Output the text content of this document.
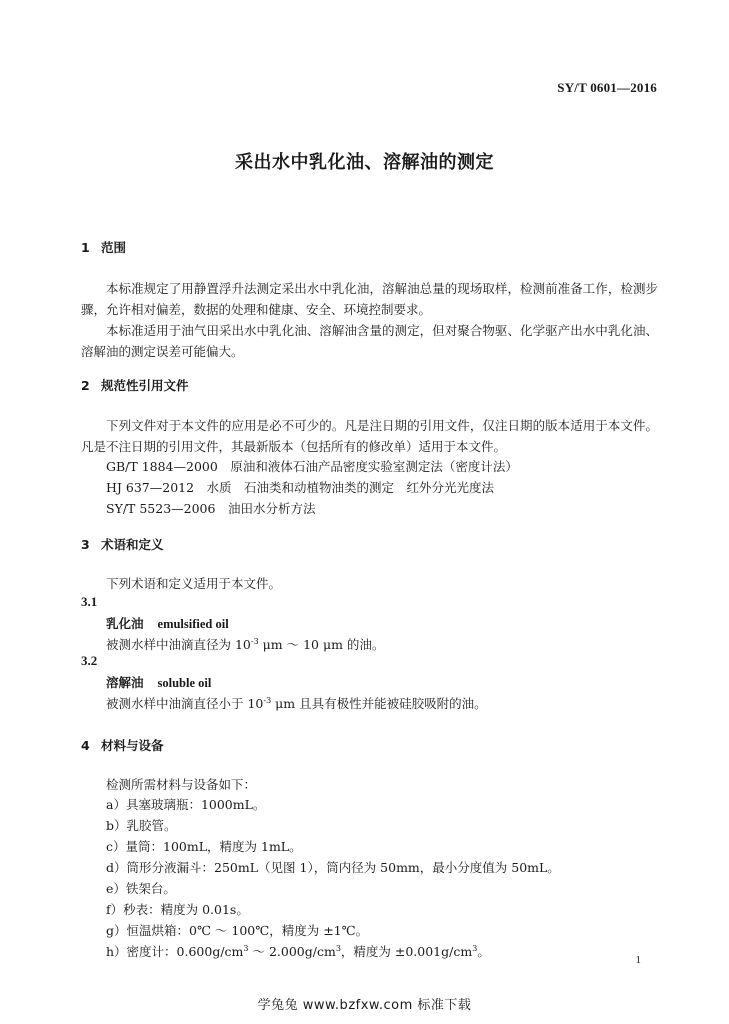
SY/T 0601—2016
采出水中乳化油、溶解油的测定
1 范围
本标准规定了用静置浮升法测定采出水中乳化油，溶解油总量的现场取样，检测前准备工作，检测步骤，允许相对偏差，数据的处理和健康、安全、环境控制要求。
本标准适用于油气田采出水中乳化油、溶解油含量的测定，但对聚合物驱、化学驱产出水中乳化油、溶解油的测定误差可能偏大。
2 规范性引用文件
下列文件对于本文件的应用是必不可少的。凡是注日期的引用文件，仅注日期的版本适用于本文件。凡是不注日期的引用文件，其最新版本（包括所有的修改单）适用于本文件。
GB/T 1884—2000　原油和液体石油产品密度实验室测定法（密度计法）
HJ 637—2012　水质　石油类和动植物油类的测定　红外分光光度法
SY/T 5523—2006　油田水分析方法
3 术语和定义
下列术语和定义适用于本文件。
3.1
乳化油 emulsified oil
被测水样中油滴直径为 $10^{-3}$ μm ～ 10 μm 的油。
3.2
溶解油 soluble oil
被测水样中油滴直径小于 $10^{-3}$ μm 且具有极性并能被硅胶吸附的油。
4 材料与设备
检测所需材料与设备如下：
a）具塞玻璃瓶：1000mL。
b）乳胶管。
c）量筒：100mL，精度为 1mL。
d）筒形分液漏斗：250mL（见图 1），筒内径为 50mm，最小分度值为 50mL。
e）铁架台。
f）秒表：精度为 0.01s。
g）恒温烘箱：0℃ ～ 100℃，精度为 ±1℃。
h）密度计：$0.600g/cm^3$ ～ $2.000g/cm^3$，精度为 $\pm 0.001g/cm^3$。
1
学兔兔 www.bzfxw.com 标准下载
